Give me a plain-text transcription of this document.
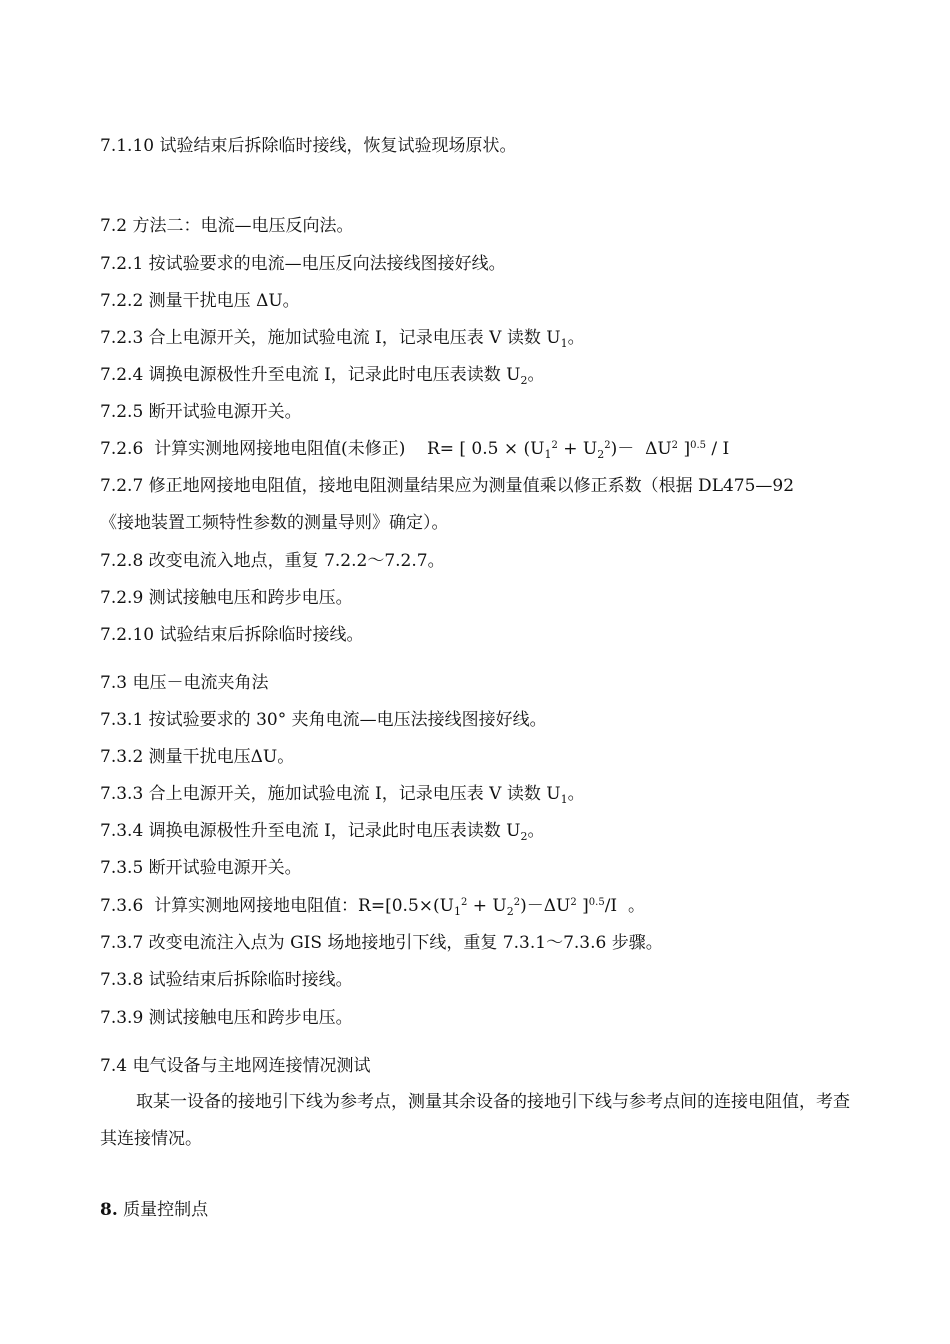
7.1.10 试验结束后拆除临时接线，恢复试验现场原状。
7.2 方法二：电流—电压反向法。
7.2.1 按试验要求的电流—电压反向法接线图接好线。
7.2.2 测量干扰电压 ΔU。
7.2.3 合上电源开关，施加试验电流 I，记录电压表 V 读数 $U_1$。
7.2.4 调换电源极性升至电流 I，记录此时电压表读数 $U_2$。
7.2.5 断开试验电源开关。
7.2.6  计算实测地网接地电阻值(未修正)    R= [ $0.5 \times (U_1^2 + U_2^2)- \Delta U^2$ ]$^{0.5}$ / I
7.2.7 修正地网接地电阻值，接地电阻测量结果应为测量值乘以修正系数（根据 DL475—92
《接地装置工频特性参数的测量导则》确定）。
7.2.8 改变电流入地点，重复 7.2.2～7.2.7。
7.2.9 测试接触电压和跨步电压。
7.2.10 试验结束后拆除临时接线。
7.3 电压－电流夹角法
7.3.1 按试验要求的 30° 夹角电流—电压法接线图接好线。
7.3.2 测量干扰电压ΔU。
7.3.3 合上电源开关，施加试验电流 I，记录电压表 V 读数 $U_1$。
7.3.4 调换电源极性升至电流 I，记录此时电压表读数 $U_2$。
7.3.5 断开试验电源开关。
7.3.6  计算实测地网接地电阻值：$R=[0.5\times(U_1^2 + U_2^2)-\Delta U^2$ ]$^{0.5}$/I  。
7.3.7 改变电流注入点为 GIS 场地接地引下线，重复 7.3.1～7.3.6 步骤。
7.3.8 试验结束后拆除临时接线。
7.3.9 测试接触电压和跨步电压。
7.4 电气设备与主地网连接情况测试
取某一设备的接地引下线为参考点，测量其余设备的接地引下线与参考点间的连接电阻值，考查其连接情况。
8. 质量控制点
